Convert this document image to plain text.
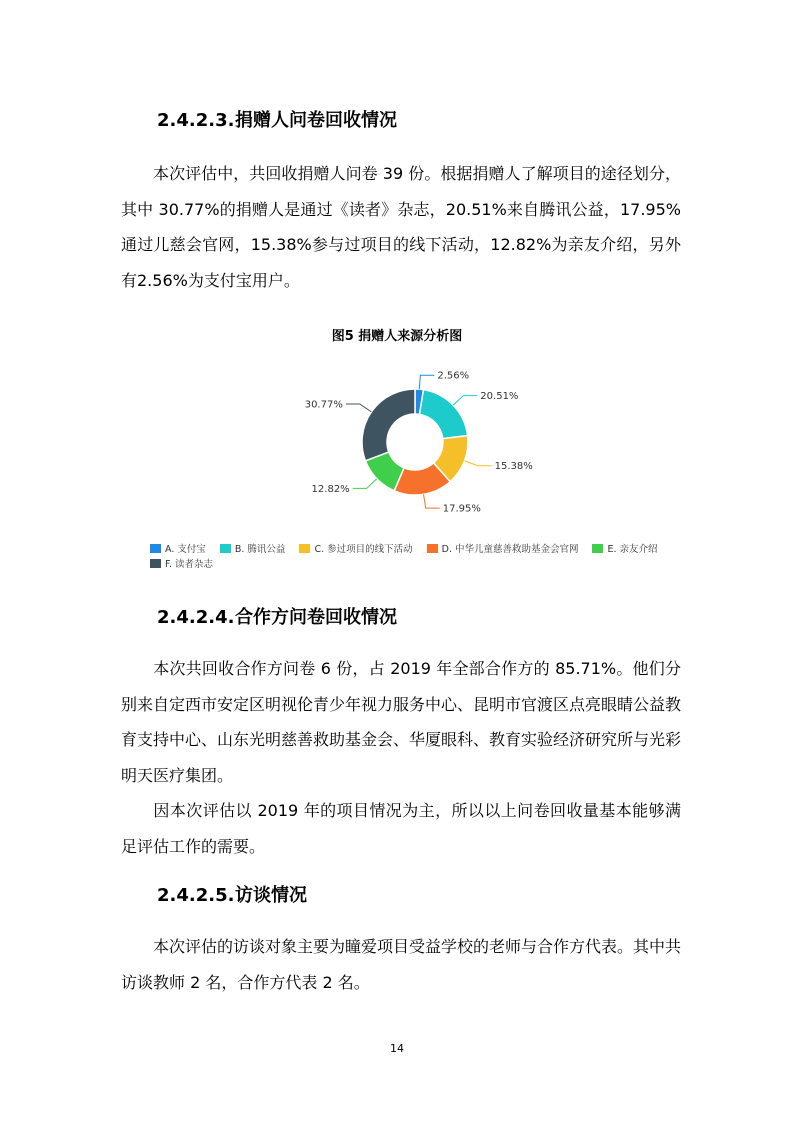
2.4.2.3.捐赠人问卷回收情况

本次评估中，共回收捐赠人问卷 39 份。根据捐赠人了解项目的途径划分，其中 30.77%的捐赠人是通过《读者》杂志，20.51%来自腾讯公益，17.95%通过儿慈会官网，15.38%参与过项目的线下活动，12.82%为亲友介绍，另外有2.56%为支付宝用户。

图5 捐赠人来源分析图
2.56%
20.51%
15.38%
17.95%
12.82%
30.77%
A. 支付宝	B. 腾讯公益	C. 参过项目的线下活动	D. 中华儿童慈善救助基金会官网	E. 亲友介绍F. 读者杂志
2.4.2.4.合作方问卷回收情况

本次共回收合作方问卷 6 份，占 2019 年全部合作方的 85.71%。他们分别来自定西市安定区明视伦青少年视力服务中心、昆明市官渡区点亮眼睛公益教育支持中心、山东光明慈善救助基金会、华厦眼科、教育实验经济研究所与光彩明天医疗集团。

因本次评估以 2019 年的项目情况为主，所以以上问卷回收量基本能够满足评估工作的需要。

2.4.2.5.访谈情况

本次评估的访谈对象主要为瞳爱项目受益学校的老师与合作方代表。其中共访谈教师 2 名，合作方代表 2 名。

14
